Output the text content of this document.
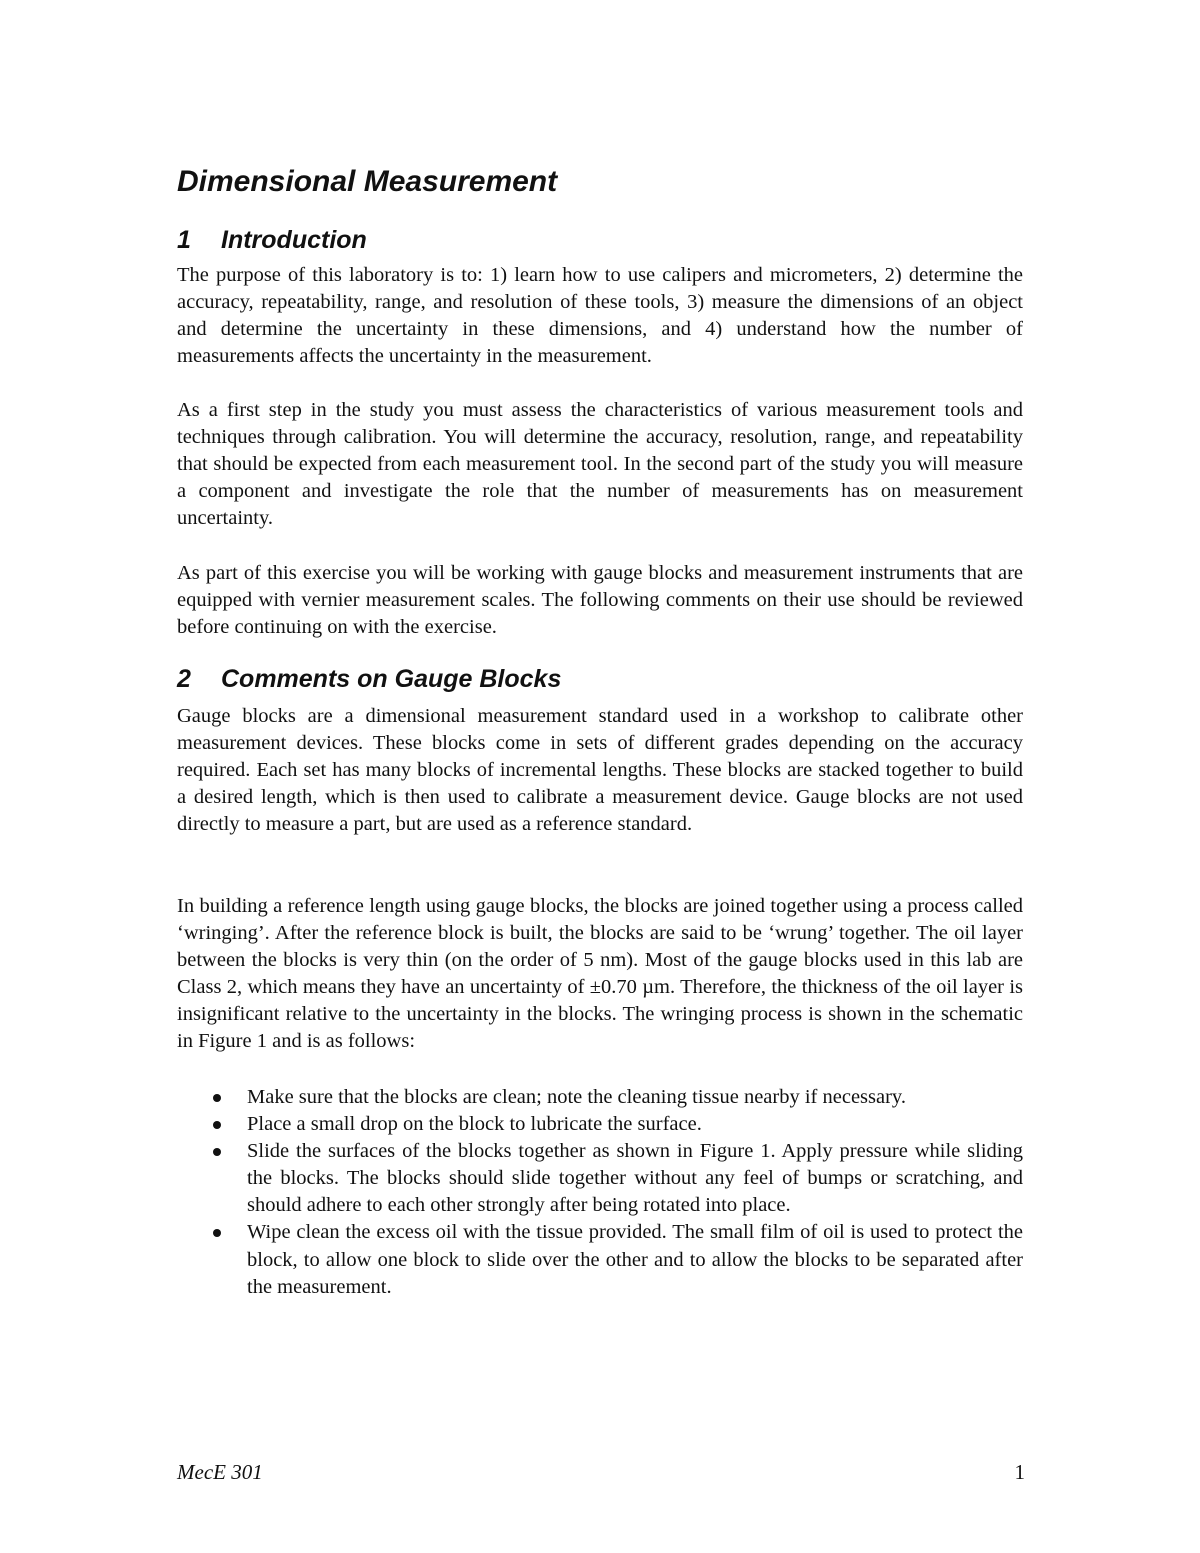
Dimensional Measurement
1 Introduction

The purpose of this laboratory is to: 1) learn how to use calipers and micrometers, 2) determine the accuracy, repeatability, range, and resolution of these tools, 3) measure the dimensions of an object and determine the uncertainty in these dimensions, and 4) understand how the number of measurements affects the uncertainty in the measurement.

As a first step in the study you must assess the characteristics of various measurement tools and techniques through calibration. You will determine the accuracy, resolution, range, and repeatability that should be expected from each measurement tool. In the second part of the study you will measure a component and investigate the role that the number of measurements has on measurement uncertainty.

As part of this exercise you will be working with gauge blocks and measurement instruments that are equipped with vernier measurement scales. The following comments on their use should be reviewed before continuing on with the exercise.

2 Comments on Gauge Blocks

Gauge blocks are a dimensional measurement standard used in a workshop to calibrate other measurement devices. These blocks come in sets of different grades depending on the accuracy required. Each set has many blocks of incremental lengths. These blocks are stacked together to build a desired length, which is then used to calibrate a measurement device. Gauge blocks are not used directly to measure a part, but are used as a reference standard.

In building a reference length using gauge blocks, the blocks are joined together using a process called ‘wringing’. After the reference block is built, the blocks are said to be ‘wrung’ together. The oil layer between the blocks is very thin (on the order of 5 nm). Most of the gauge blocks used in this lab are Class 2, which means they have an uncertainty of ±0.70 µm. Therefore, the thickness of the oil layer is insignificant relative to the uncertainty in the blocks. The wringing process is shown in the schematic in Figure 1 and is as follows:

Make sure that the blocks are clean; note the cleaning tissue nearby if necessary.
Place a small drop on the block to lubricate the surface.
Slide the surfaces of the blocks together as shown in Figure 1. Apply pressure while sliding the blocks. The blocks should slide together without any feel of bumps or scratching, and should adhere to each other strongly after being rotated into place.
Wipe clean the excess oil with the tissue provided. The small film of oil is used to protect the block, to allow one block to slide over the other and to allow the blocks to be separated after the measurement.
MecE 301	1
